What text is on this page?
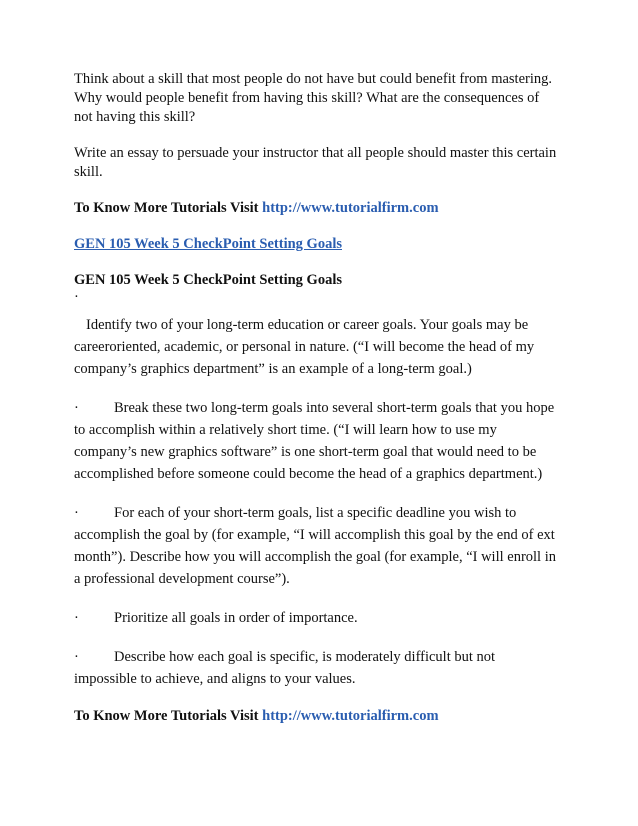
Think about a skill that most people do not have but could benefit from mastering.
Why would people benefit from having this skill? What are the consequences of
not having this skill?

Write an essay to persuade your instructor that all people should master this certain
skill.

To Know More Tutorials Visit http://www.tutorialfirm.com

GEN 105 Week 5 CheckPoint Setting Goals

GEN 105 Week 5 CheckPoint Setting Goals

·

Identify two of your long-term education or career goals. Your goals may be
careeroriented, academic, or personal in nature. (“I will become the head of my
company’s graphics department” is an example of a long-term goal.)
· Break these two long-term goals into several short-term goals that you hope
to accomplish within a relatively short time. (“I will learn how to use my
company’s new graphics software” is one short-term goal that would need to be
accomplished before someone could become the head of a graphics department.)
· For each of your short-term goals, list a specific deadline you wish to
accomplish the goal by (for example, “I will accomplish this goal by the end of ext
month”). Describe how you will accomplish the goal (for example, “I will enroll in
a professional development course”).
· Prioritize all goals in order of importance.
· Describe how each goal is specific, is moderately difficult but not
impossible to achieve, and aligns to your values.

To Know More Tutorials Visit http://www.tutorialfirm.com
